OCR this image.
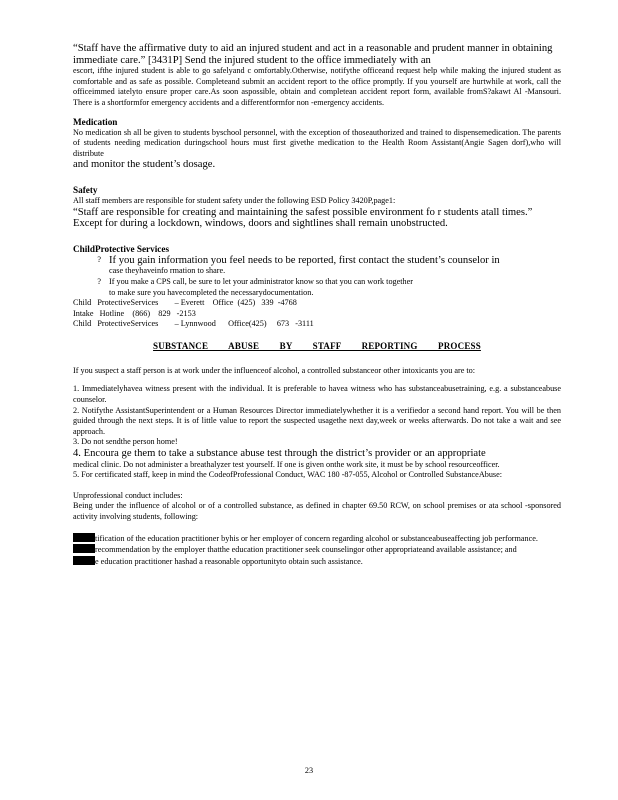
“Staff have the affirmative duty to aid an injured student and act in a reasonable and prudent manner in obtaining immediate care.” [3431P] Send the injured student to the office immediately with an

escort, ifthe injured student is able to go safelyand c omfortably.Otherwise, notifythe officeand request help while making the injured student as comfortable and as safe as possible. Completeand submit an accident report to the office promptly. If you yourself are hurtwhile at work, call the officeimmed iatelyto ensure proper care.As soon aspossible, obtain and completean accident report form, available fromS?akawt Al -Mansouri. There is a shortformfor emergency accidents and a differentformfor non -emergency accidents.

Medication

No medication sh all be given to students byschool personnel, with the exception of thoseauthorized and trained to dispensemedication. The parents of students needing medication duringschool hours must first givethe medication to the Health Room Assistant(Angie Sagen dorf),who will distribute

and monitor the student’s dosage.

Safety

All staff members are responsible for student safety under the following ESD Policy 3420P,page1:

“Staff are responsible for creating and maintaining the safest possible environment fo r students atall times.” Except for during a lockdown, windows, doors and sightlines shall remain unobstructed.

ChildProtective Services

? If you gain information you feel needs to be reported, first contact the student’s counselor in

case theyhaveinfo rmation to share.

? If you make a CPS call, be sure to let your administrator know so that you can work together

to make sure you havecompleted the necessarydocumentation.

Child   ProtectiveServices        – Everett    Office  (425)   339  -4768

Intake   Hotline    (866)    829   -2153

Child   ProtectiveServices        – Lynnwood      Office(425)     673   -3111

SUBSTANCE ABUSE BY STAFF REPORTING PROCESS

If you suspect a staff person is at work under the influenceof alcohol, a controlled substanceor other intoxicants you are to:

1. Immediatelyhavea witness present with the individual. It is preferable to havea witness who has substanceabusetraining, e.g. a substanceabuse counselor.

2. Notifythe AssistantSuperintendent or a Human Resources Director immediatelywhether it is a verifiedor a second hand report. You will be then guided through the next steps. It is of little value to report the suspected usagethe next day,week or weeks afterwards. Do not take a wait and see approach.

3. Do not sendthe person home!

4. Encoura ge them to take a substance abuse test through the district’s provider or an appropriate

medical clinic. Do not administer a breathalyzer test yourself. If one is given onthe work site, it must be by school resourceofficer.

5. For certificated staff, keep in mind the CodeofProfessional Conduct, WAC 180 -87-055, Alcohol or Controlled SubstanceAbuse:

Unprofessional conduct includes:

Being under the influence of alcohol or of a controlled substance, as defined in chapter 69.50 RCW, on school premises or ata school -sponsored activity involving students, following:

tification of the education practitioner byhis or her employer of concern regarding alcohol or substanceabuseaffecting job performance.

recommendation by the employer thatthe education practitioner seek counselingor other appropriateand available assistance; and

e education practitioner hashad a reasonable opportunityto obtain such assistance.

23
